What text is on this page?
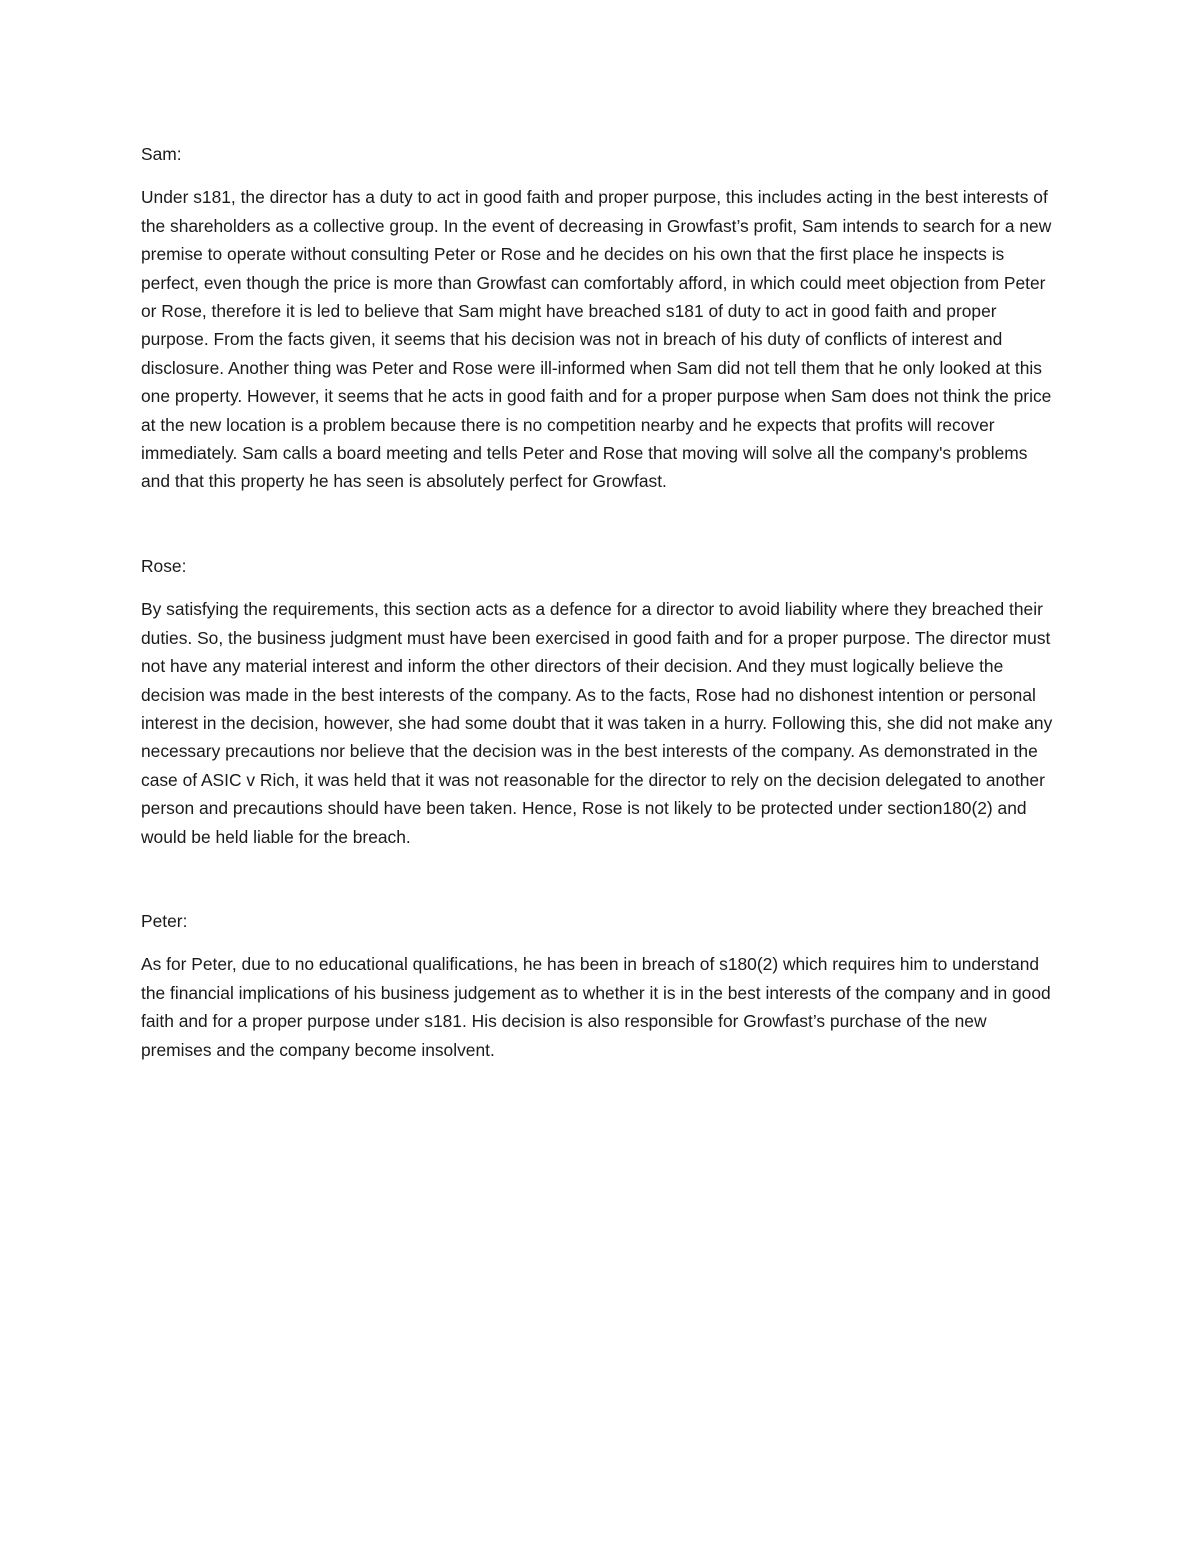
Sam:

Under s181, the director has a duty to act in good faith and proper purpose, this includes acting in the best interests of the shareholders as a collective group. In the event of decreasing in Growfast’s profit, Sam intends to search for a new premise to operate without consulting Peter or Rose and he decides on his own that the first place he inspects is perfect, even though the price is more than Growfast can comfortably afford, in which could meet objection from Peter or Rose, therefore it is led to believe that Sam might have breached s181 of duty to act in good faith and proper purpose. From the facts given, it seems that his decision was not in breach of his duty of conflicts of interest and disclosure. Another thing was Peter and Rose were ill-informed when Sam did not tell them that he only looked at this one property. However, it seems that he acts in good faith and for a proper purpose when Sam does not think the price at the new location is a problem because there is no competition nearby and he expects that profits will recover immediately. Sam calls a board meeting and tells Peter and Rose that moving will solve all the company's problems and that this property he has seen is absolutely perfect for Growfast.

Rose:

By satisfying the requirements, this section acts as a defence for a director to avoid liability where they breached their duties. So, the business judgment must have been exercised in good faith and for a proper purpose. The director must not have any material interest and inform the other directors of their decision. And they must logically believe the decision was made in the best interests of the company. As to the facts, Rose had no dishonest intention or personal interest in the decision, however, she had some doubt that it was taken in a hurry. Following this, she did not make any necessary precautions nor believe that the decision was in the best interests of the company. As demonstrated in the case of ASIC v Rich, it was held that it was not reasonable for the director to rely on the decision delegated to another person and precautions should have been taken. Hence, Rose is not likely to be protected under section180(2) and would be held liable for the breach.

Peter:

As for Peter, due to no educational qualifications, he has been in breach of s180(2) which requires him to understand the financial implications of his business judgement as to whether it is in the best interests of the company and in good faith and for a proper purpose under s181. His decision is also responsible for Growfast’s purchase of the new premises and the company become insolvent.
